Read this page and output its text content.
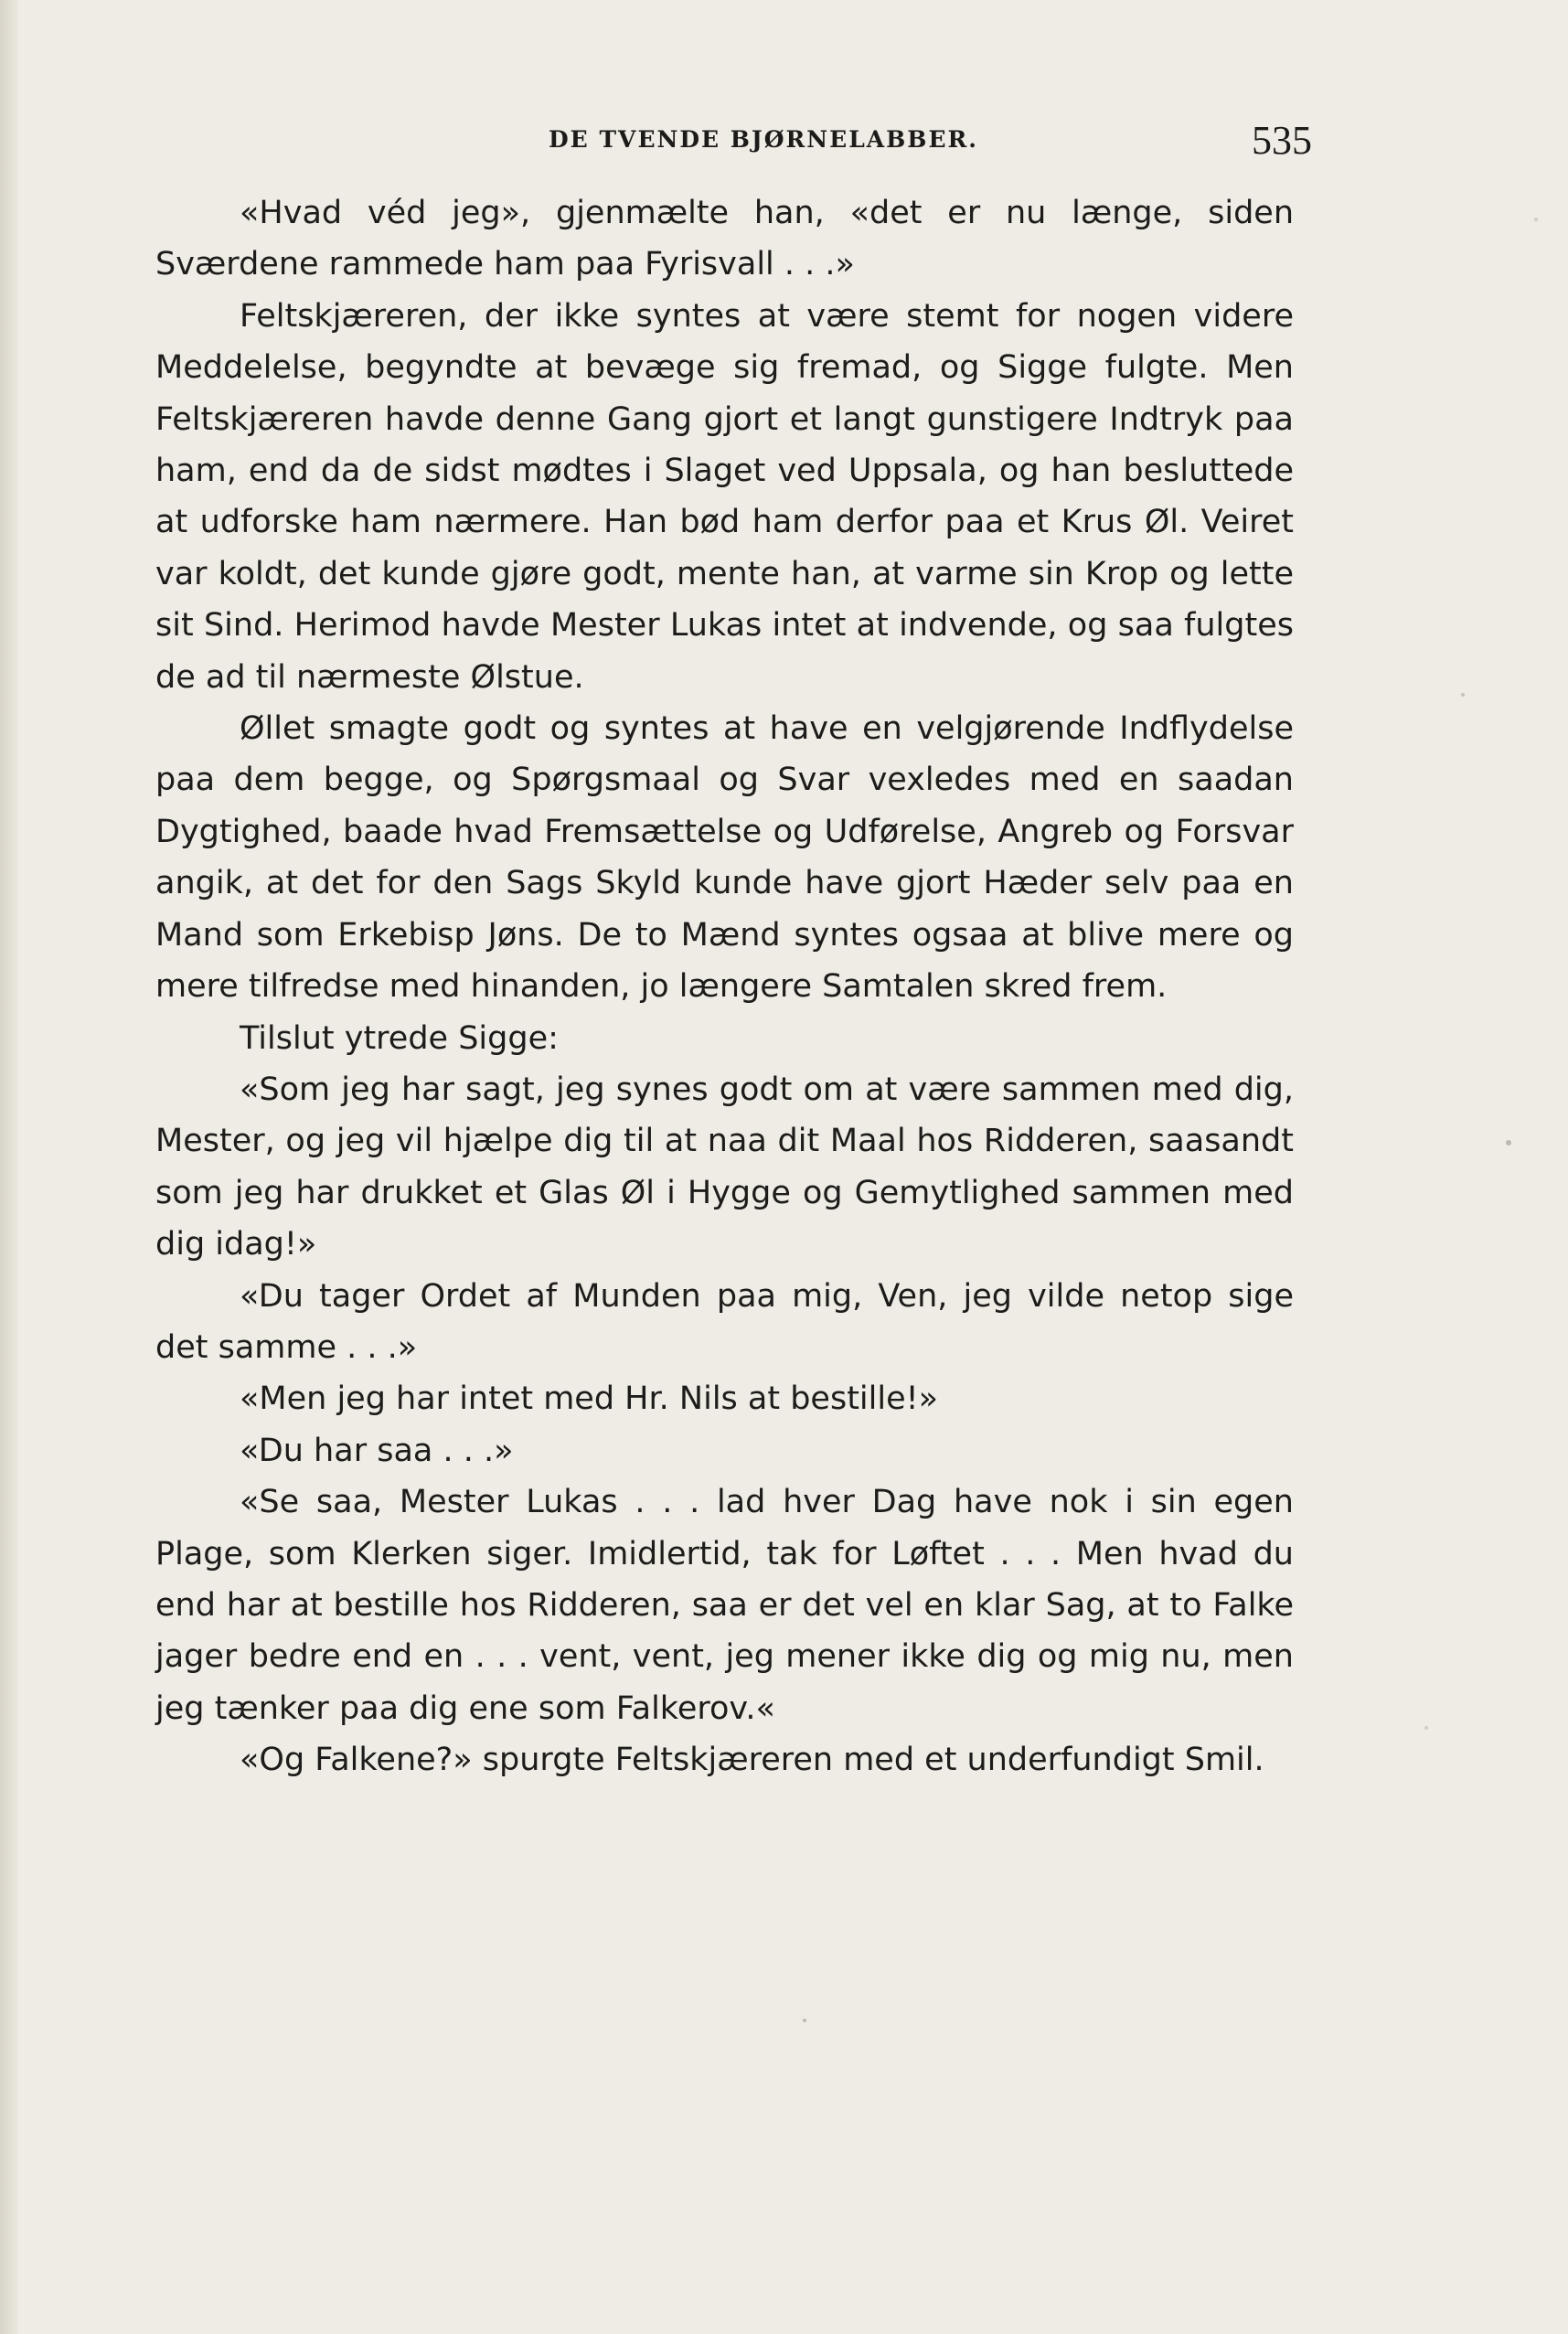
DE TVENDE BJØRNELABBER.	535

«Hvad véd jeg», gjenmælte han, «det er nu længe, siden Sværdene rammede ham paa Fyrisvall . . .»

Feltskjæreren, der ikke syntes at være stemt for nogen videre Meddelelse, begyndte at bevæge sig fremad, og Sigge fulgte. Men Feltskjæreren havde denne Gang gjort et langt gunstigere Indtryk paa ham, end da de sidst mødtes i Slaget ved Uppsala, og han besluttede at udforske ham nærmere. Han bød ham derfor paa et Krus Øl. Veiret var koldt, det kunde gjøre godt, mente han, at varme sin Krop og lette sit Sind. Herimod havde Mester Lukas intet at indvende, og saa fulgtes de ad til nærmeste Ølstue.

Øllet smagte godt og syntes at have en velgjørende Indflydelse paa dem begge, og Spørgsmaal og Svar vexledes med en saadan Dygtighed, baade hvad Fremsættelse og Udførelse, Angreb og Forsvar angik, at det for den Sags Skyld kunde have gjort Hæder selv paa en Mand som Erkebisp Jøns. De to Mænd syntes ogsaa at blive mere og mere tilfredse med hinanden, jo længere Samtalen skred frem.

Tilslut ytrede Sigge:

«Som jeg har sagt, jeg synes godt om at være sammen med dig, Mester, og jeg vil hjælpe dig til at naa dit Maal hos Ridderen, saasandt som jeg har drukket et Glas Øl i Hygge og Gemytlighed sammen med dig idag!»

«Du tager Ordet af Munden paa mig, Ven, jeg vilde netop sige det samme . . .»

«Men jeg har intet med Hr. Nils at bestille!»

«Du har saa . . .»

«Se saa, Mester Lukas . . . lad hver Dag have nok i sin egen Plage, som Klerken siger. Imidlertid, tak for Løftet . . . Men hvad du end har at bestille hos Ridderen, saa er det vel en klar Sag, at to Falke jager bedre end en . . . vent, vent, jeg mener ikke dig og mig nu, men jeg tænker paa dig ene som Falkerov.«

«Og Falkene?» spurgte Feltskjæreren med et underfundigt Smil.
